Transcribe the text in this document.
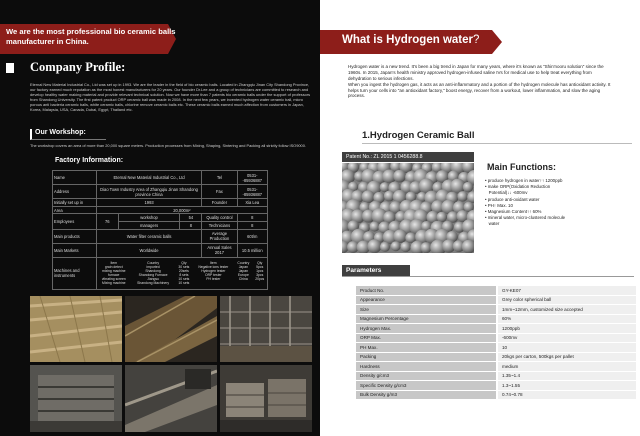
We are the most professional bio ceramic balls manufacturer in China.
Company Profile:
Eternal New Material Industrial Co., Ltd was set up in 1993. We are the leader in the field of bio ceramic balls. Located in Zhangqiu Jinan City Shandong Province, our factory earned much reputation as the most honest manufacturers for 20 years. Our founder Dr.Lee and a group of technicians are committed to research and develop healthy water making material and provide relevant technical solution. Now we have more than 7 patents bio ceramic balls under the support of professors from Shandong University. The first patent product ORP ceramic ball was made in 2008. In the next few years, we invented hydrogen water ceramic ball, micro porous anti bacteria ceramic balls, white ceramic balls, chlorine remove ceramic balls etc. These ceramic balls earned much affection from customers in Japan, Korea, Malaysia, USA, Canada, Dubai, Egypt, Thailand etc.
Our Workshop:
The workshop covers an area of more than 20,000 square meters. Production processes from Mixing, Shaping, Sintering and Packing all strictly follow ISO9000.
Factory Information:
Name	Eternal New Material Industrial Co., Ltd	Tel	0531--85936887
Address	Diao Town Industry Area of Zhangqiu Jinan Shandong province China	Fax	0531--85936887
Initially set up in	1993	Founder	Xia Lea
Area	20,000m²
Employees	76	workshop	54	Quality control	8
managers	8	Technicians	8
Main products	Water filter ceramic balls	Average Production	60t/m
Main Markets	Worldwide	Annual Sales 2017	10.5 million
Machines and instruments	
Item	Country	Qty	Item	Country	Qty
grain detect	imported	30 sets	Negative ions tester	Japan	5pcs
mixing machine	Shandong	20sets	Hydrogen tester	Japan	1pcs
furnace	Shandong Furnace	8 sets	ORP tester	Europe	3pcs
vibrating screen	Jiangsu	10 sets	PH tester	China	20pcs
Mixing machine	Shandong Machinery	10 sets			
What is Hydrogen water?

Hydrogen water is a new trend. It's been a big trend in Japan for many years, where it's known as "Shin'nooru solution" since the 1960s. In 2015, Japan's health ministry approved hydrogen-infused saline IVs for medical use to help treat everything from dehydration to serious infections.

When you ingest the hydrogen gas, it acts as an anti-inflammatory and a portion of the hydrogen molecule has antioxidant activity. It helps turn your cells into "an antioxidant factory," boost energy, recover from a workout, lower inflammation, and slow the aging process.

1.Hydrogen Ceramic Ball
Patent No.: ZL 2015 1 0456288.8
Main Functions:
• produce hydrogen in water↑↑ 1200ppb
• make ORP(Oxidation Reduction
Potential)↓↓ -600mv
• produce anti-oxidant water
• PH↑ Max. 10
• Magnesium Content↑↑ 60%
• mineral water, micro-clustered molecule
water
Parameters
Product No.	GY-KE07
Appearance	Grey color spherical ball
Size	1mm~12mm, customized size accepted
Magnesium Percentage	60%
Hydrogen Max.	1200ppb
ORP Max.	-600mv
PH Max.	10
Packing	20kgs per carton, 500kgs per pallet
Hardness	medium
Density g/cm3	1.35~1.4
Specific Density g/cm3	1.3~1.55
Bulk Density g/m3	0.74~0.78
